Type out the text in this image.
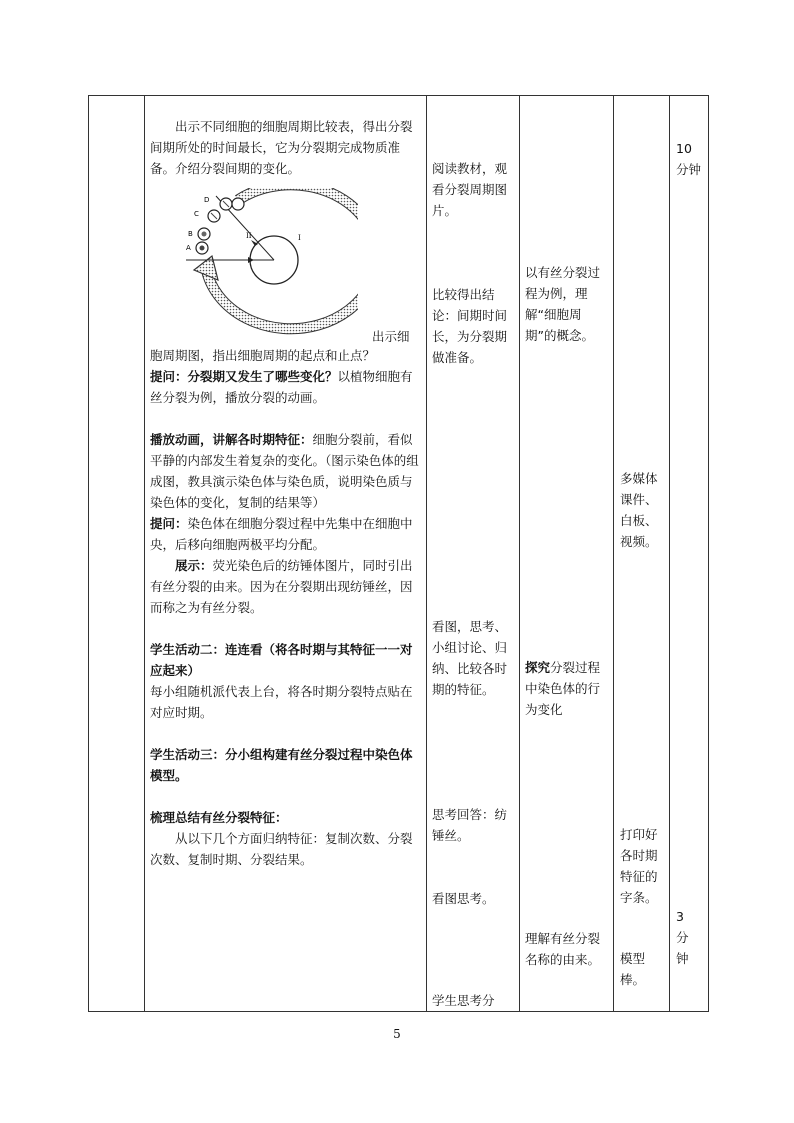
出示不同细胞的细胞周期比较表，得出分裂间期所处的时间最长，它为分裂期完成物质准备。介绍分裂间期的变化。

D
C
B
A
II	I
出示细

胞周期图，指出细胞周期的起点和止点？

提问：分裂期又发生了哪些变化？以植物细胞有丝分裂为例，播放分裂的动画。

播放动画，讲解各时期特征：细胞分裂前，看似平静的内部发生着复杂的变化。（图示染色体的组成图，教具演示染色体与染色质，说明染色质与染色体的变化，复制的结果等）

提问：染色体在细胞分裂过程中先集中在细胞中央，后移向细胞两极平均分配。

展示：荧光染色后的纺锤体图片，同时引出有丝分裂的由来。因为在分裂期出现纺锤丝，因而称之为有丝分裂。

学生活动二：连连看（将各时期与其特征一一对应起来）

每小组随机派代表上台，将各时期分裂特点贴在对应时期。

学生活动三：分小组构建有丝分裂过程中染色体模型。

梳理总结有丝分裂特征：

从以下几个方面归纳特征：复制次数、分裂次数、复制时期、分裂结果。

阅读教材，观看分裂周期图片。
比较得出结论：间期时间长，为分裂期做准备。
看图，思考、小组讨论、归纳、比较各时期的特征。
思考回答：纺锤丝。
看图思考。
学生思考分
以有丝分裂过程为例，理解“细胞周期”的概念。
探究分裂过程中染色体的行为变化
理解有丝分裂名称的由来。
多媒体课件、白板、视频。
打印好各时期特征的字条。
模型棒。
10分钟
3分钟
5
